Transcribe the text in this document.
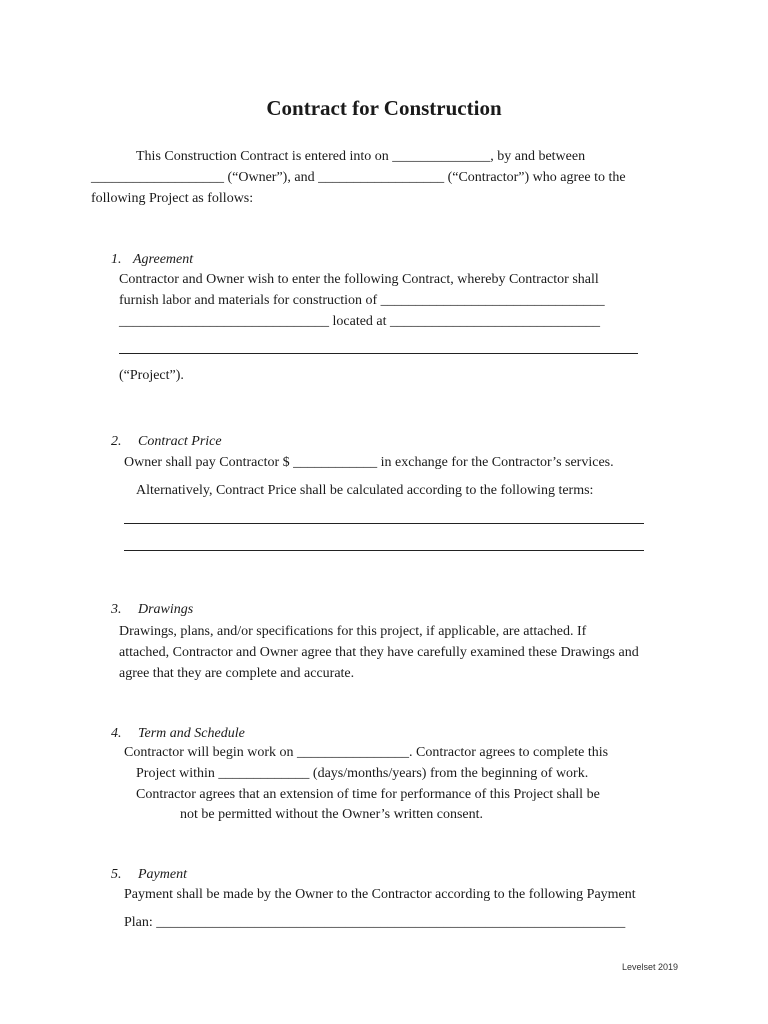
Contract for Construction
This Construction Contract is entered into on ______________, by and between
___________________ (“Owner”), and __________________ (“Contractor”) who agree to the
following Project as follows:

1. Agreement

Contractor and Owner wish to enter the following Contract, whereby Contractor shall
furnish labor and materials for construction of ________________________________
______________________________ located at ______________________________
(“Project”).

2. Contract Price

Owner shall pay Contractor $ ____________ in exchange for the Contractor’s services.
Alternatively, Contract Price shall be calculated according to the following terms:

3. Drawings

Drawings, plans, and/or specifications for this project, if applicable, are attached. If
attached, Contractor and Owner agree that they have carefully examined these Drawings and
agree that they are complete and accurate.

4. Term and Schedule

Contractor will begin work on ________________. Contractor agrees to complete this
Project within _____________ (days/months/years) from the beginning of work.
Contractor agrees that an extension of time for performance of this Project shall be
not be permitted without the Owner’s written consent.

5. Payment

Payment shall be made by the Owner to the Contractor according to the following Payment
Plan: ___________________________________________________________________
Levelset 2019
